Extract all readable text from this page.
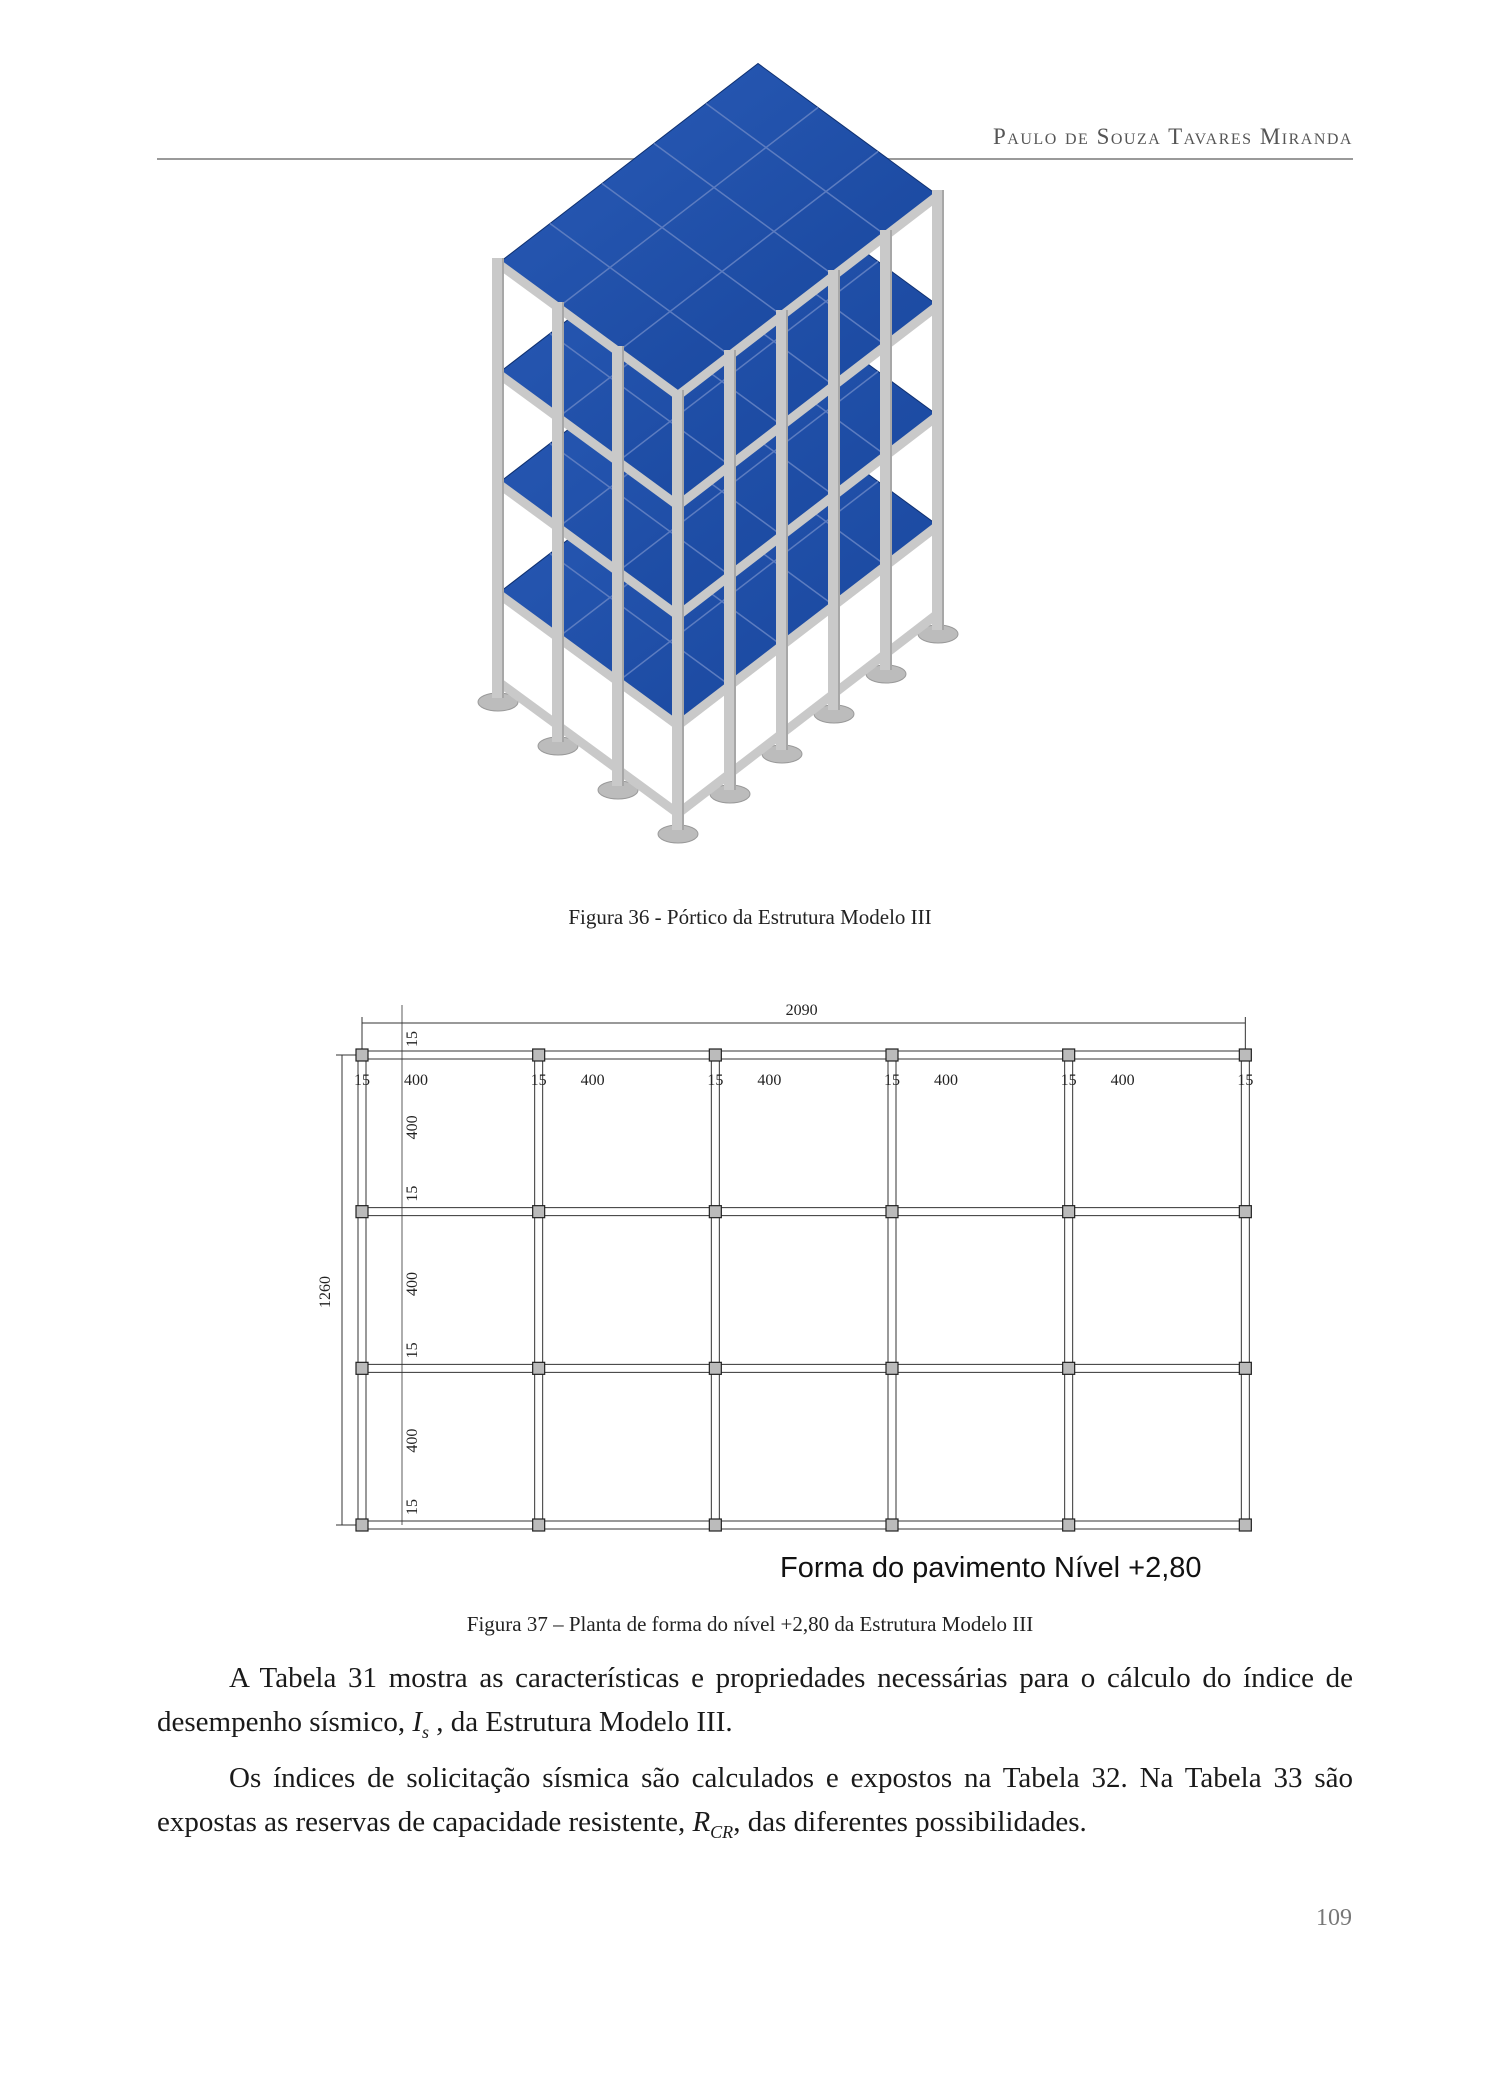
Paulo de Souza Tavares Miranda
Figura 36 - Pórtico da Estrutura Modelo III
2090
1260
15 400	15 400	15 400	15 400	15 400	15
15
400
15
400
15
400
15
Forma do pavimento Nível +2,80
Figura 37 – Planta de forma do nível +2,80 da Estrutura Modelo III

A Tabela 31 mostra as características e propriedades necessárias para o cálculo do índice de desempenho sísmico, $I_s$ , da Estrutura Modelo III.

Os índices de solicitação sísmica são calculados e expostos na Tabela 32. Na Tabela 33 são expostas as reservas de capacidade resistente, $R_{CR}$, das diferentes possibilidades.

109
